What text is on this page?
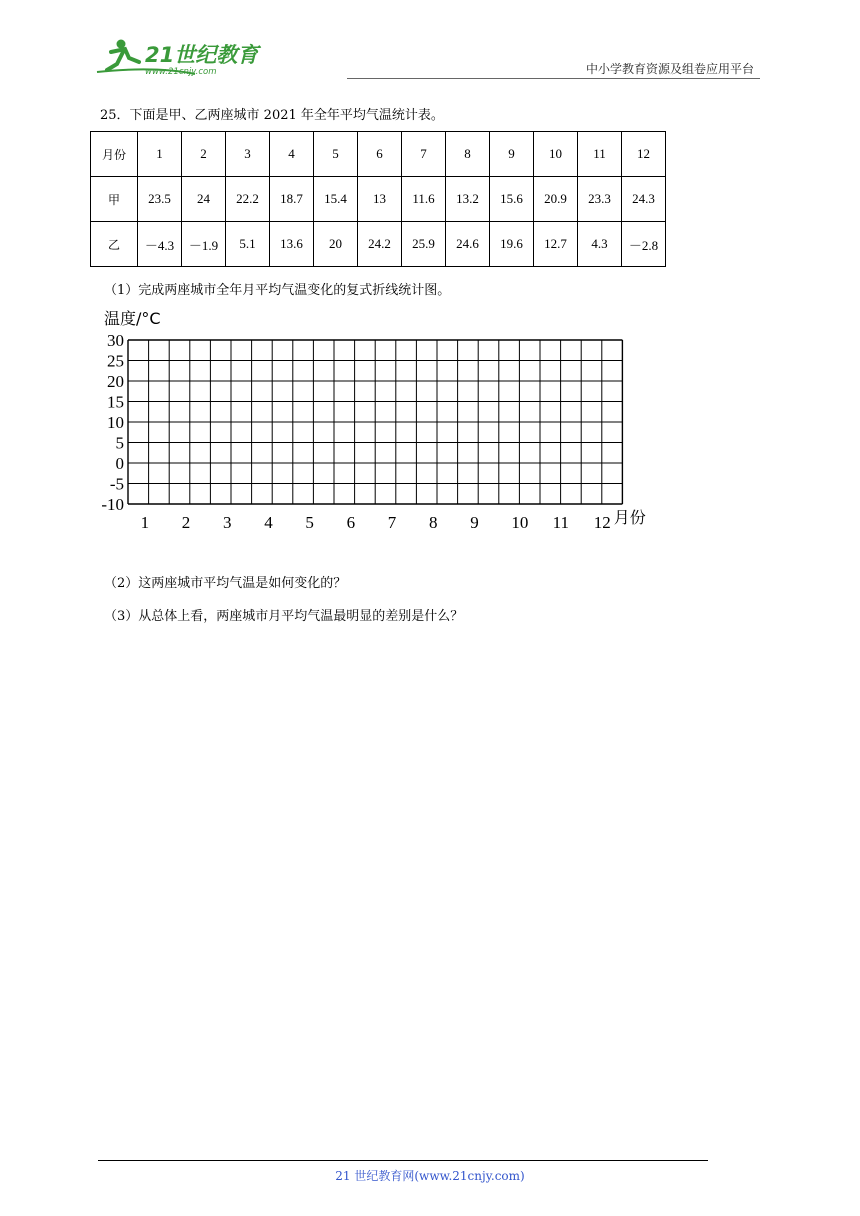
21世纪教育
www.21cnjy.com	中小学教育资源及组卷应用平台
25．下面是甲、乙两座城市 2021 年全年平均气温统计表。
月份	1	2	3	4	5	6	7	8	9	10	11	12
甲	23.5	24	22.2	18.7	15.4	13	11.6	13.2	15.6	20.9	23.3	24.3
乙	－4.3	－1.9	5.1	13.6	20	24.2	25.9	24.6	19.6	12.7	4.3	－2.8
（1）完成两座城市全年月平均气温变化的复式折线统计图。
温度/°C
30
25
20
15
10
5
0
-5
-10
1 2 3 4 5 6 7 8 9 10 11 12 月份
（2）这两座城市平均气温是如何变化的？
（3）从总体上看，两座城市月平均气温最明显的差别是什么？
21 世纪教育网(www.21cnjy.com)
